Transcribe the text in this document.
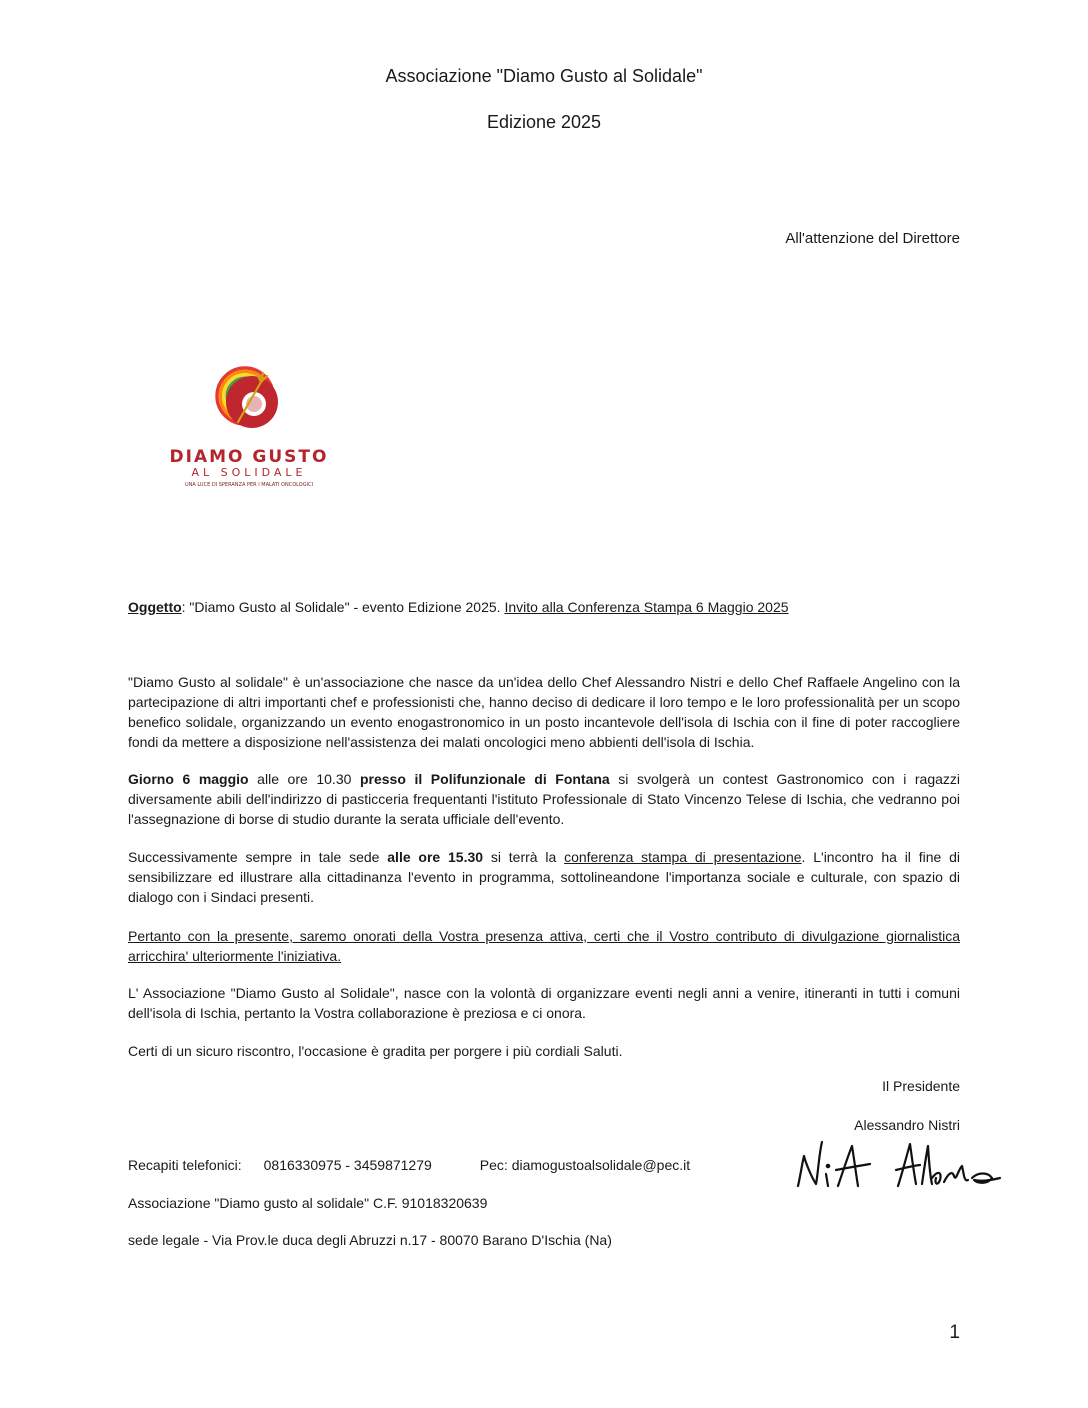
Associazione "Diamo Gusto al Solidale"
Edizione 2025
All'attenzione del Direttore
DIAMO GUSTO
AL SOLIDALE
UNA LUCE DI SPERANZA PER I MALATI ONCOLOGICI
Oggetto: "Diamo Gusto al Solidale" - evento Edizione 2025. Invito alla Conferenza Stampa 6 Maggio 2025
"Diamo Gusto al solidale" è un'associazione che nasce da un'idea dello Chef Alessandro Nistri e dello Chef Raffaele Angelino con la partecipazione di altri importanti chef e professionisti che, hanno deciso di dedicare il loro tempo e le loro professionalità per un scopo benefico solidale, organizzando un evento enogastronomico in un posto incantevole dell'isola di Ischia con il fine di poter raccogliere fondi da mettere a disposizione nell'assistenza dei malati oncologici meno abbienti dell'isola di Ischia.
Giorno 6 maggio alle ore 10.30 presso il Polifunzionale di Fontana si svolgerà un contest Gastronomico con i ragazzi diversamente abili dell'indirizzo di pasticceria frequentanti l'istituto Professionale di Stato Vincenzo Telese di Ischia, che vedranno poi l'assegnazione di borse di studio durante la serata ufficiale dell'evento.
Successivamente sempre in tale sede alle ore 15.30 si terrà la conferenza stampa di presentazione. L'incontro ha il fine di sensibilizzare ed illustrare alla cittadinanza l'evento in programma, sottolineandone l'importanza sociale e culturale, con spazio di dialogo con i Sindaci presenti.
Pertanto con la presente, saremo onorati della Vostra presenza attiva, certi che il Vostro contributo di divulgazione giornalistica arricchira' ulteriormente l'iniziativa.
L' Associazione "Diamo Gusto al Solidale", nasce con la volontà di organizzare eventi negli anni a venire, itineranti in tutti i comuni dell'isola di Ischia, pertanto la Vostra collaborazione è preziosa e ci onora.
Certi di un sicuro riscontro, l'occasione è gradita per porgere i più cordiali Saluti.
Il Presidente
Alessandro Nistri
Recapiti telefonici: 0816330975 - 3459871279	Pec: diamogustoalsolidale@pec.it
Associazione "Diamo gusto al solidale" C.F. 91018320639
sede legale - Via Prov.le duca degli Abruzzi n.17 - 80070 Barano D'Ischia (Na)
1
